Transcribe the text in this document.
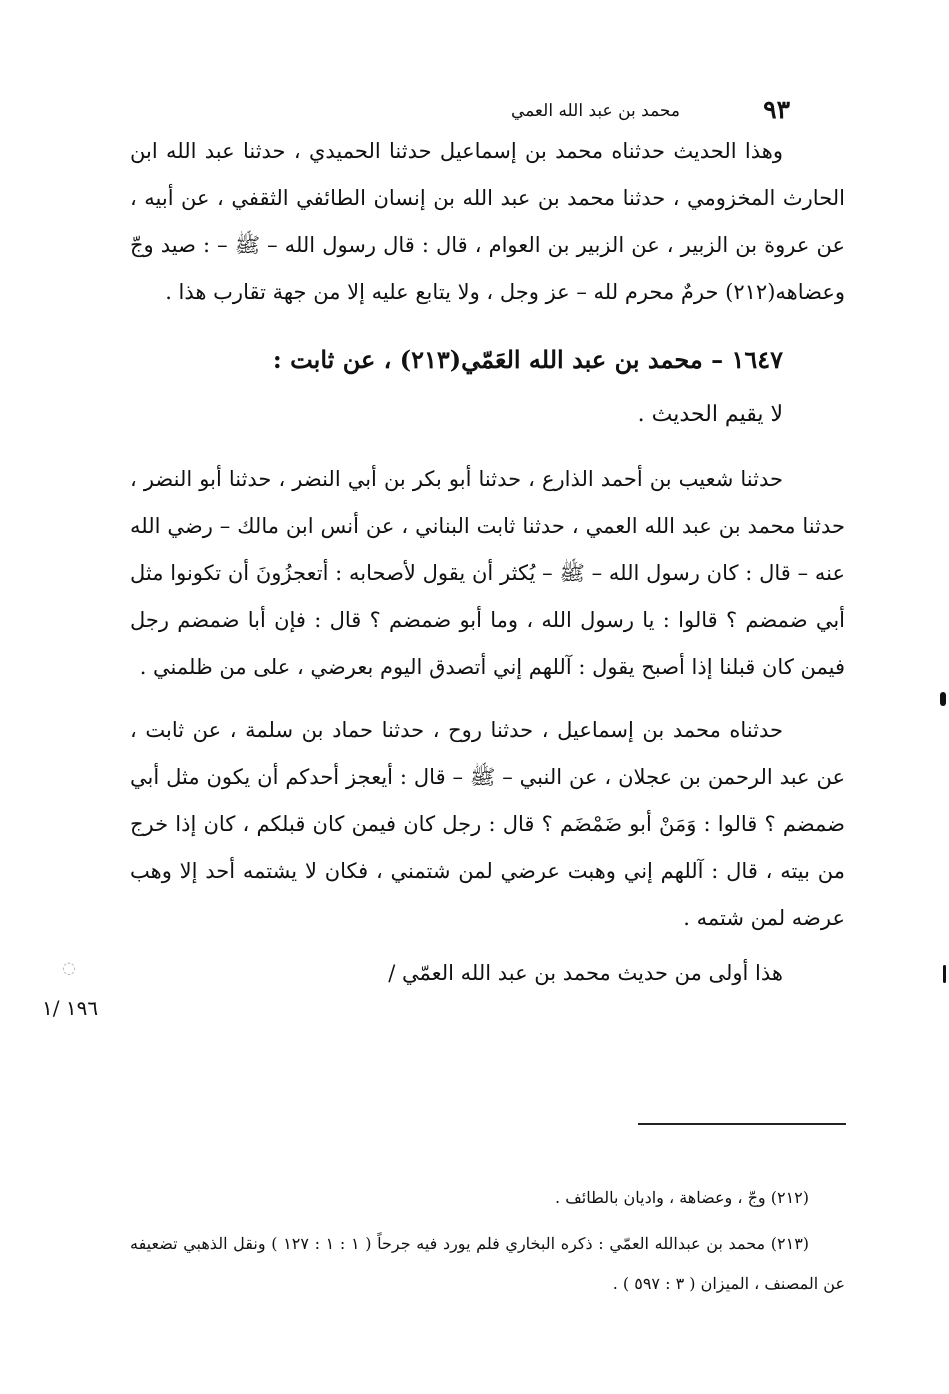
٩٣
محمد بن عبد الله العمي

وهذا الحديث حدثناه محمد بن إسماعيل حدثنا الحميدي ، حدثنا عبد الله ابن الحارث المخزومي ، حدثنا محمد بن عبد الله بن إنسان الطائفي الثقفي ، عن أبيه ، عن عروة بن الزبير ، عن الزبير بن العوام ، قال : قال رسول الله – ﷺ – : صيد وجّ وعضاهه(٢١٢) حرمٌ محرم لله – عز وجل ، ولا يتابع عليه إلا من جهة تقارب هذا .

١٦٤٧ – محمد بن عبد الله العَمّي(٢١٣) ، عن ثابت :

لا يقيم الحديث .

حدثنا شعيب بن أحمد الذارع ، حدثنا أبو بكر بن أبي النضر ، حدثنا أبو النضر ، حدثنا محمد بن عبد الله العمي ، حدثنا ثابت البناني ، عن أنس ابن مالك – رضي الله عنه – قال : كان رسول الله – ﷺ – يُكثر أن يقول لأصحابه : أتعجزُونَ أن تكونوا مثل أبي ضمضم ؟ قالوا : يا رسول الله ، وما أبو ضمضم ؟ قال : فإن أبا ضمضم رجل فيمن كان قبلنا إذا أصبح يقول : آللهم إني أتصدق اليوم بعرضي ، على من ظلمني .

حدثناه محمد بن إسماعيل ، حدثنا روح ، حدثنا حماد بن سلمة ، عن ثابت ، عن عبد الرحمن بن عجلان ، عن النبي – ﷺ – قال : أيعجز أحدكم أن يكون مثل أبي ضمضم ؟ قالوا : وَمَنْ أبو ضَمْضَم ؟ قال : رجل كان فيمن كان قبلكم ، كان إذا خرج من بيته ، قال : آللهم إني وهبت عرضي لمن شتمني ، فكان لا يشتمه أحد إلا وهب عرضه لمن شتمه .

هذا أولى من حديث محمد بن عبد الله العمّي /

◌
١٩٦ /١

(٢١٢) وجّ ، وعضاهة ، واديان بالطائف .

(٢١٣) محمد بن عبدالله العمّي : ذكره البخاري فلم يورد فيه جرحاً ( ١ : ١ : ١٢٧ ) ونقل الذهبي تضعيفه عن المصنف ، الميزان ( ٣ : ٥٩٧ ) .
